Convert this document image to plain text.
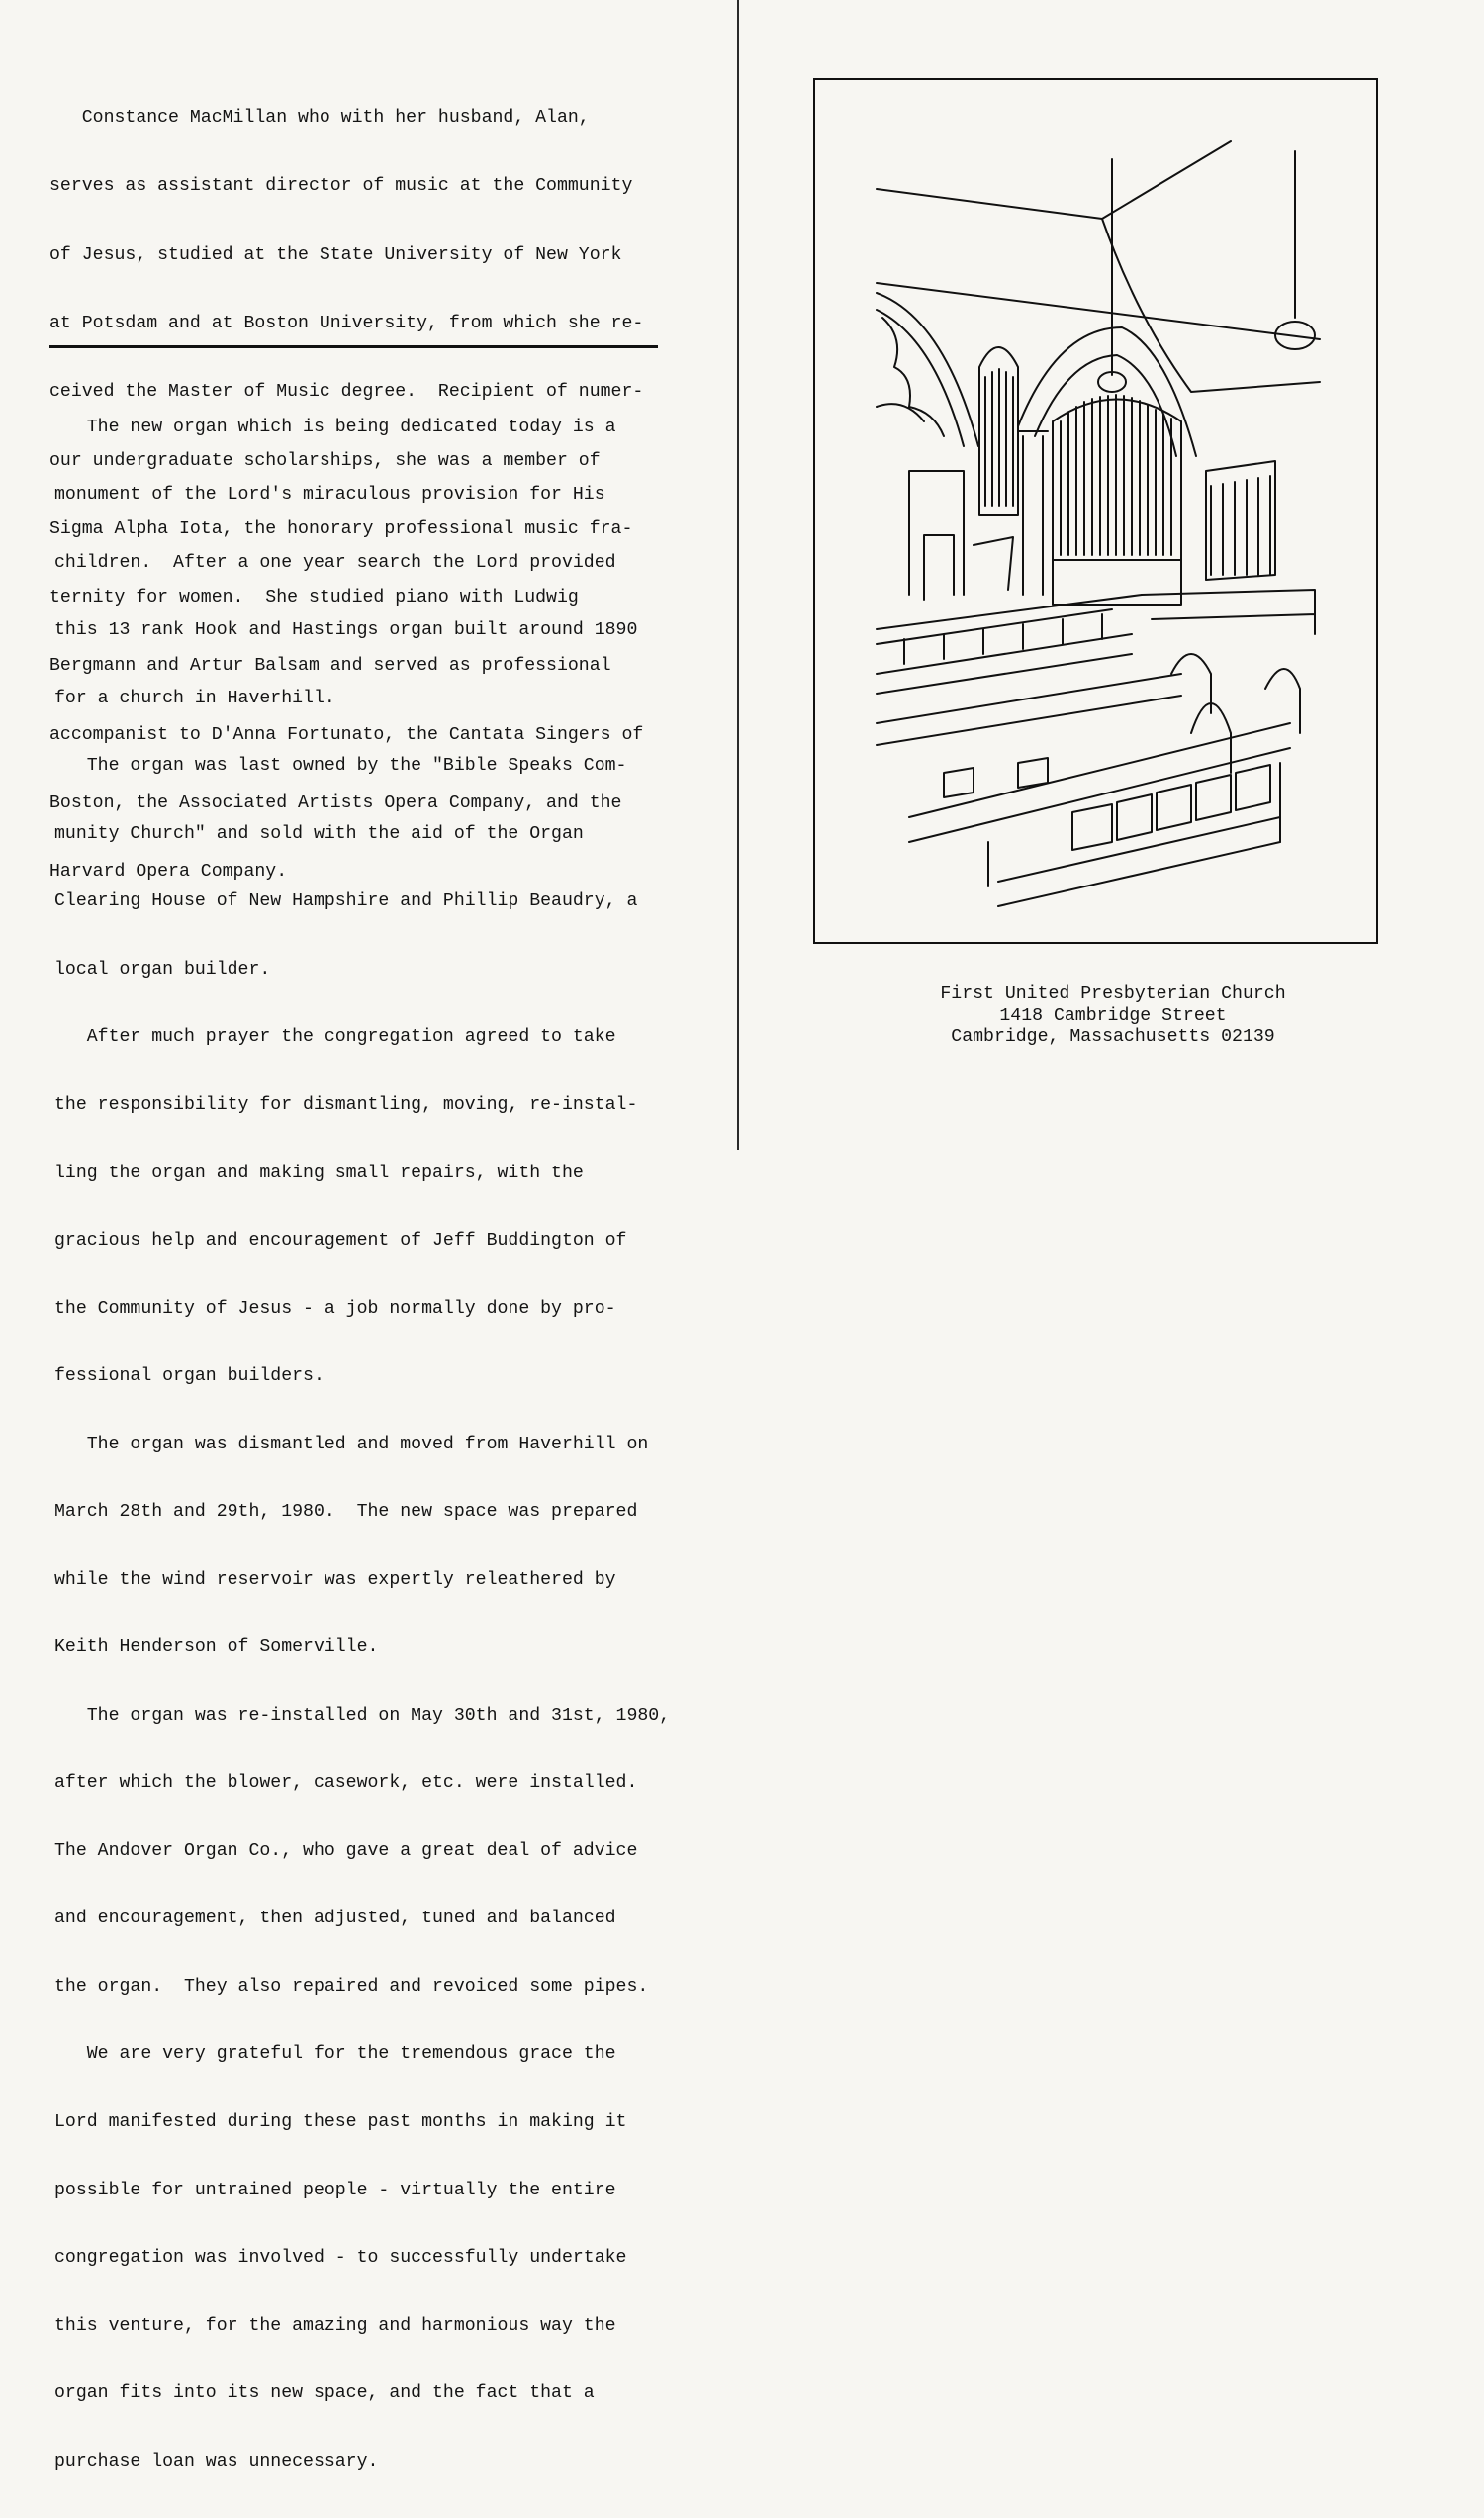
Constance MacMillan who with her husband, Alan,

serves as assistant director of music at the Community

of Jesus, studied at the State University of New York

at Potsdam and at Boston University, from which she re-

ceived the Master of Music degree.  Recipient of numer-

our undergraduate scholarships, she was a member of

Sigma Alpha Iota, the honorary professional music fra-

ternity for women.  She studied piano with Ludwig

Bergmann and Artur Balsam and served as professional

accompanist to D'Anna Fortunato, the Cantata Singers of

Boston, the Associated Artists Opera Company, and the

Harvard Opera Company.

The new organ which is being dedicated today is a

monument of the Lord's miraculous provision for His

children.  After a one year search the Lord provided

this 13 rank Hook and Hastings organ built around 1890

for a church in Haverhill.

The organ was last owned by the "Bible Speaks Com-

munity Church" and sold with the aid of the Organ

Clearing House of New Hampshire and Phillip Beaudry, a

local organ builder.

After much prayer the congregation agreed to take

the responsibility for dismantling, moving, re-instal-

ling the organ and making small repairs, with the

gracious help and encouragement of Jeff Buddington of

the Community of Jesus - a job normally done by pro-

fessional organ builders.

The organ was dismantled and moved from Haverhill on

March 28th and 29th, 1980.  The new space was prepared

while the wind reservoir was expertly releathered by

Keith Henderson of Somerville.

The organ was re-installed on May 30th and 31st, 1980,

after which the blower, casework, etc. were installed.

The Andover Organ Co., who gave a great deal of advice

and encouragement, then adjusted, tuned and balanced

the organ.  They also repaired and revoiced some pipes.

We are very grateful for the tremendous grace the

Lord manifested during these past months in making it

possible for untrained people - virtually the entire

congregation was involved - to successfully undertake

this venture, for the amazing and harmonious way the

organ fits into its new space, and the fact that a

purchase loan was unnecessary.

First United Presbyterian Church
1418 Cambridge Street
Cambridge, Massachusetts 02139
